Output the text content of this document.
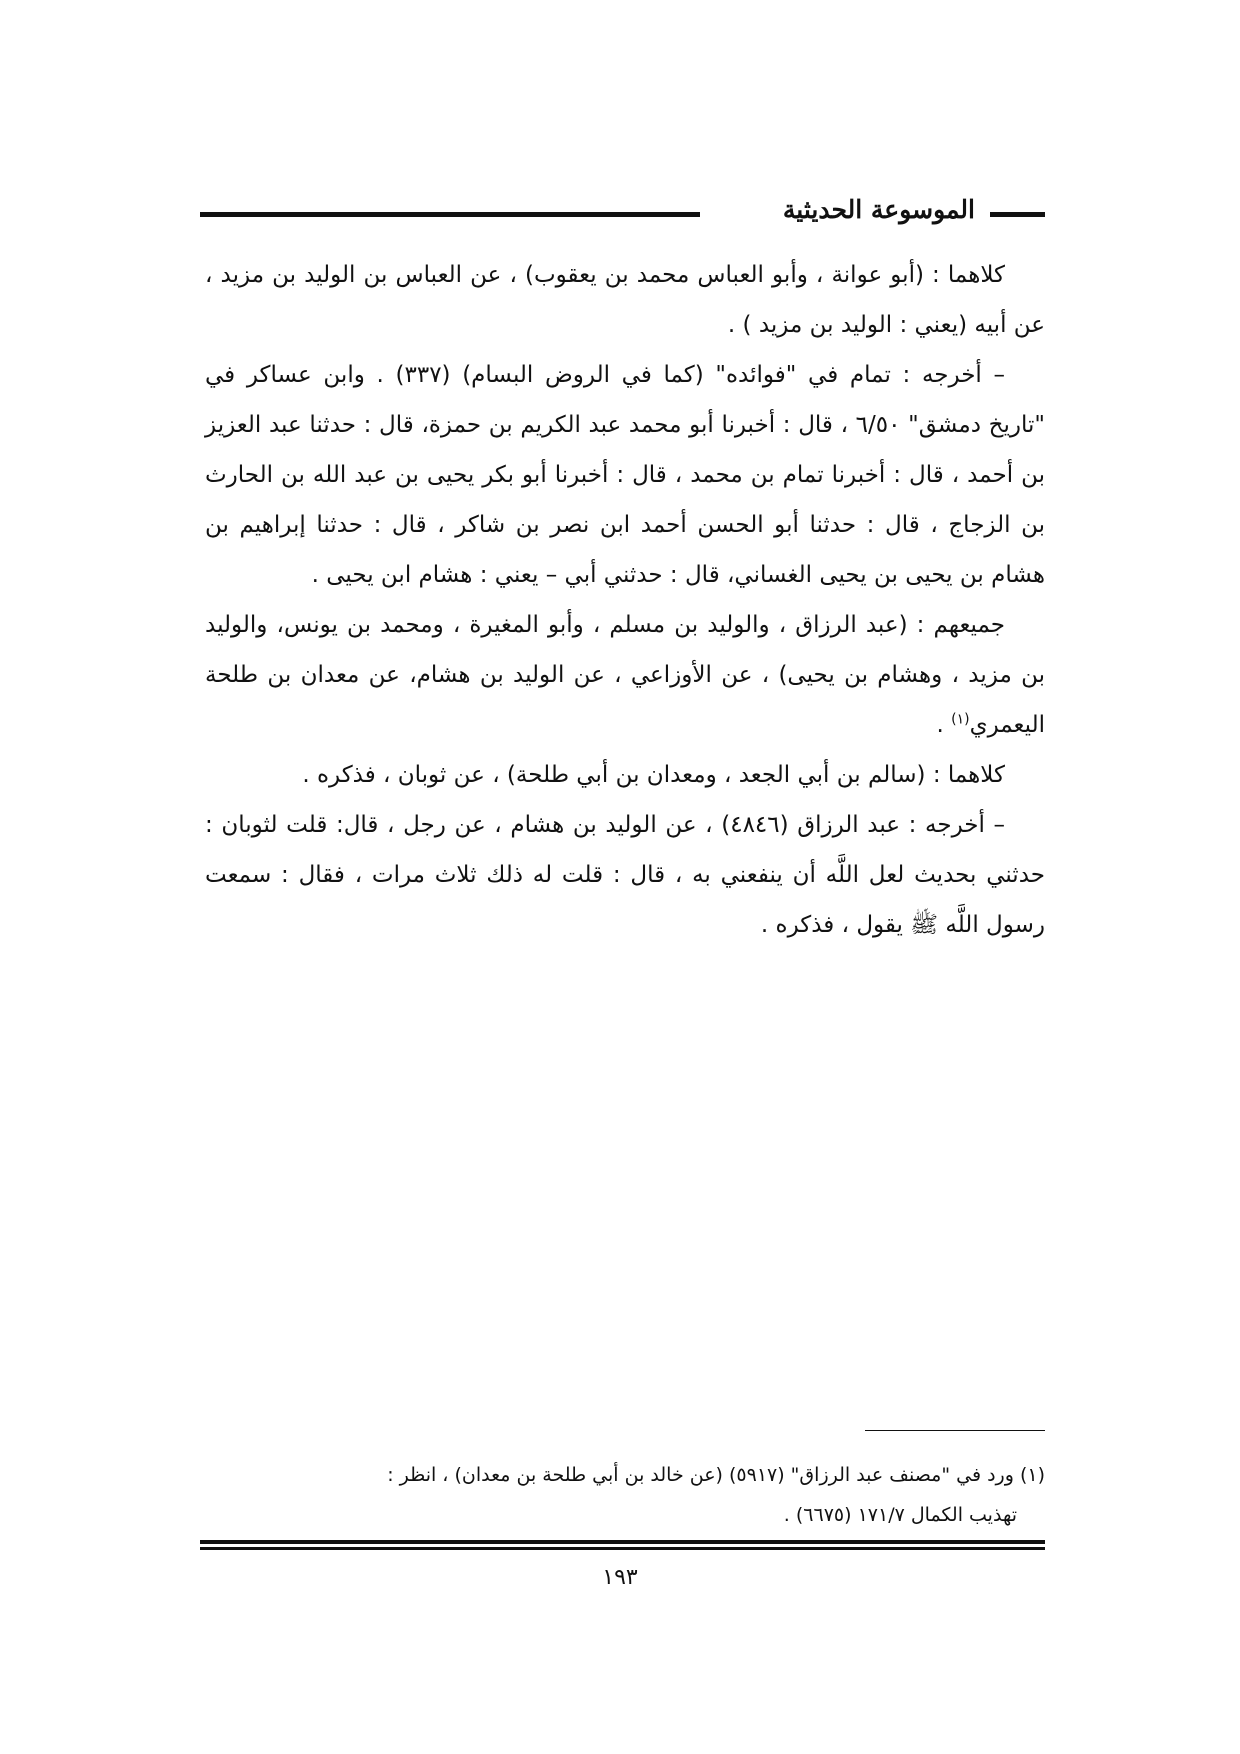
الموسوعة الحديثية

كلاهما : (أبو عوانة ، وأبو العباس محمد بن يعقوب) ، عن العباس بن الوليد بن مزيد ، عن أبيه (يعني : الوليد بن مزيد ) .

– أخرجه : تمام في "فوائده" (كما في الروض البسام) (٣٣٧) . وابن عساكر في "تاريخ دمشق" ٦/٥٠ ، قال : أخبرنا أبو محمد عبد الكريم بن حمزة، قال : حدثنا عبد العزيز بن أحمد ، قال : أخبرنا تمام بن محمد ، قال : أخبرنا أبو بكر يحيى بن عبد الله بن الحارث بن الزجاج ، قال : حدثنا أبو الحسن أحمد ابن نصر بن شاكر ، قال : حدثنا إبراهيم بن هشام بن يحيى بن يحيى الغساني، قال : حدثني أبي – يعني : هشام ابن يحيى .

جميعهم : (عبد الرزاق ، والوليد بن مسلم ، وأبو المغيرة ، ومحمد بن يونس، والوليد بن مزيد ، وهشام بن يحيى) ، عن الأوزاعي ، عن الوليد بن هشام، عن معدان بن طلحة اليعمري$^{(١)}$ .

كلاهما : (سالم بن أبي الجعد ، ومعدان بن أبي طلحة) ، عن ثوبان ، فذكره .

– أخرجه : عبد الرزاق (٤٨٤٦) ، عن الوليد بن هشام ، عن رجل ، قال: قلت لثوبان : حدثني بحديث لعل اللَّه أن ينفعني به ، قال : قلت له ذلك ثلاث مرات ، فقال : سمعت رسول اللَّه ﷺ يقول ، فذكره .

(١) ورد في "مصنف عبد الرزاق" (٥٩١٧) (عن خالد بن أبي طلحة بن معدان) ، انظر :

تهذيب الكمال ١٧١/٧ (٦٦٧٥) .

١٩٣
